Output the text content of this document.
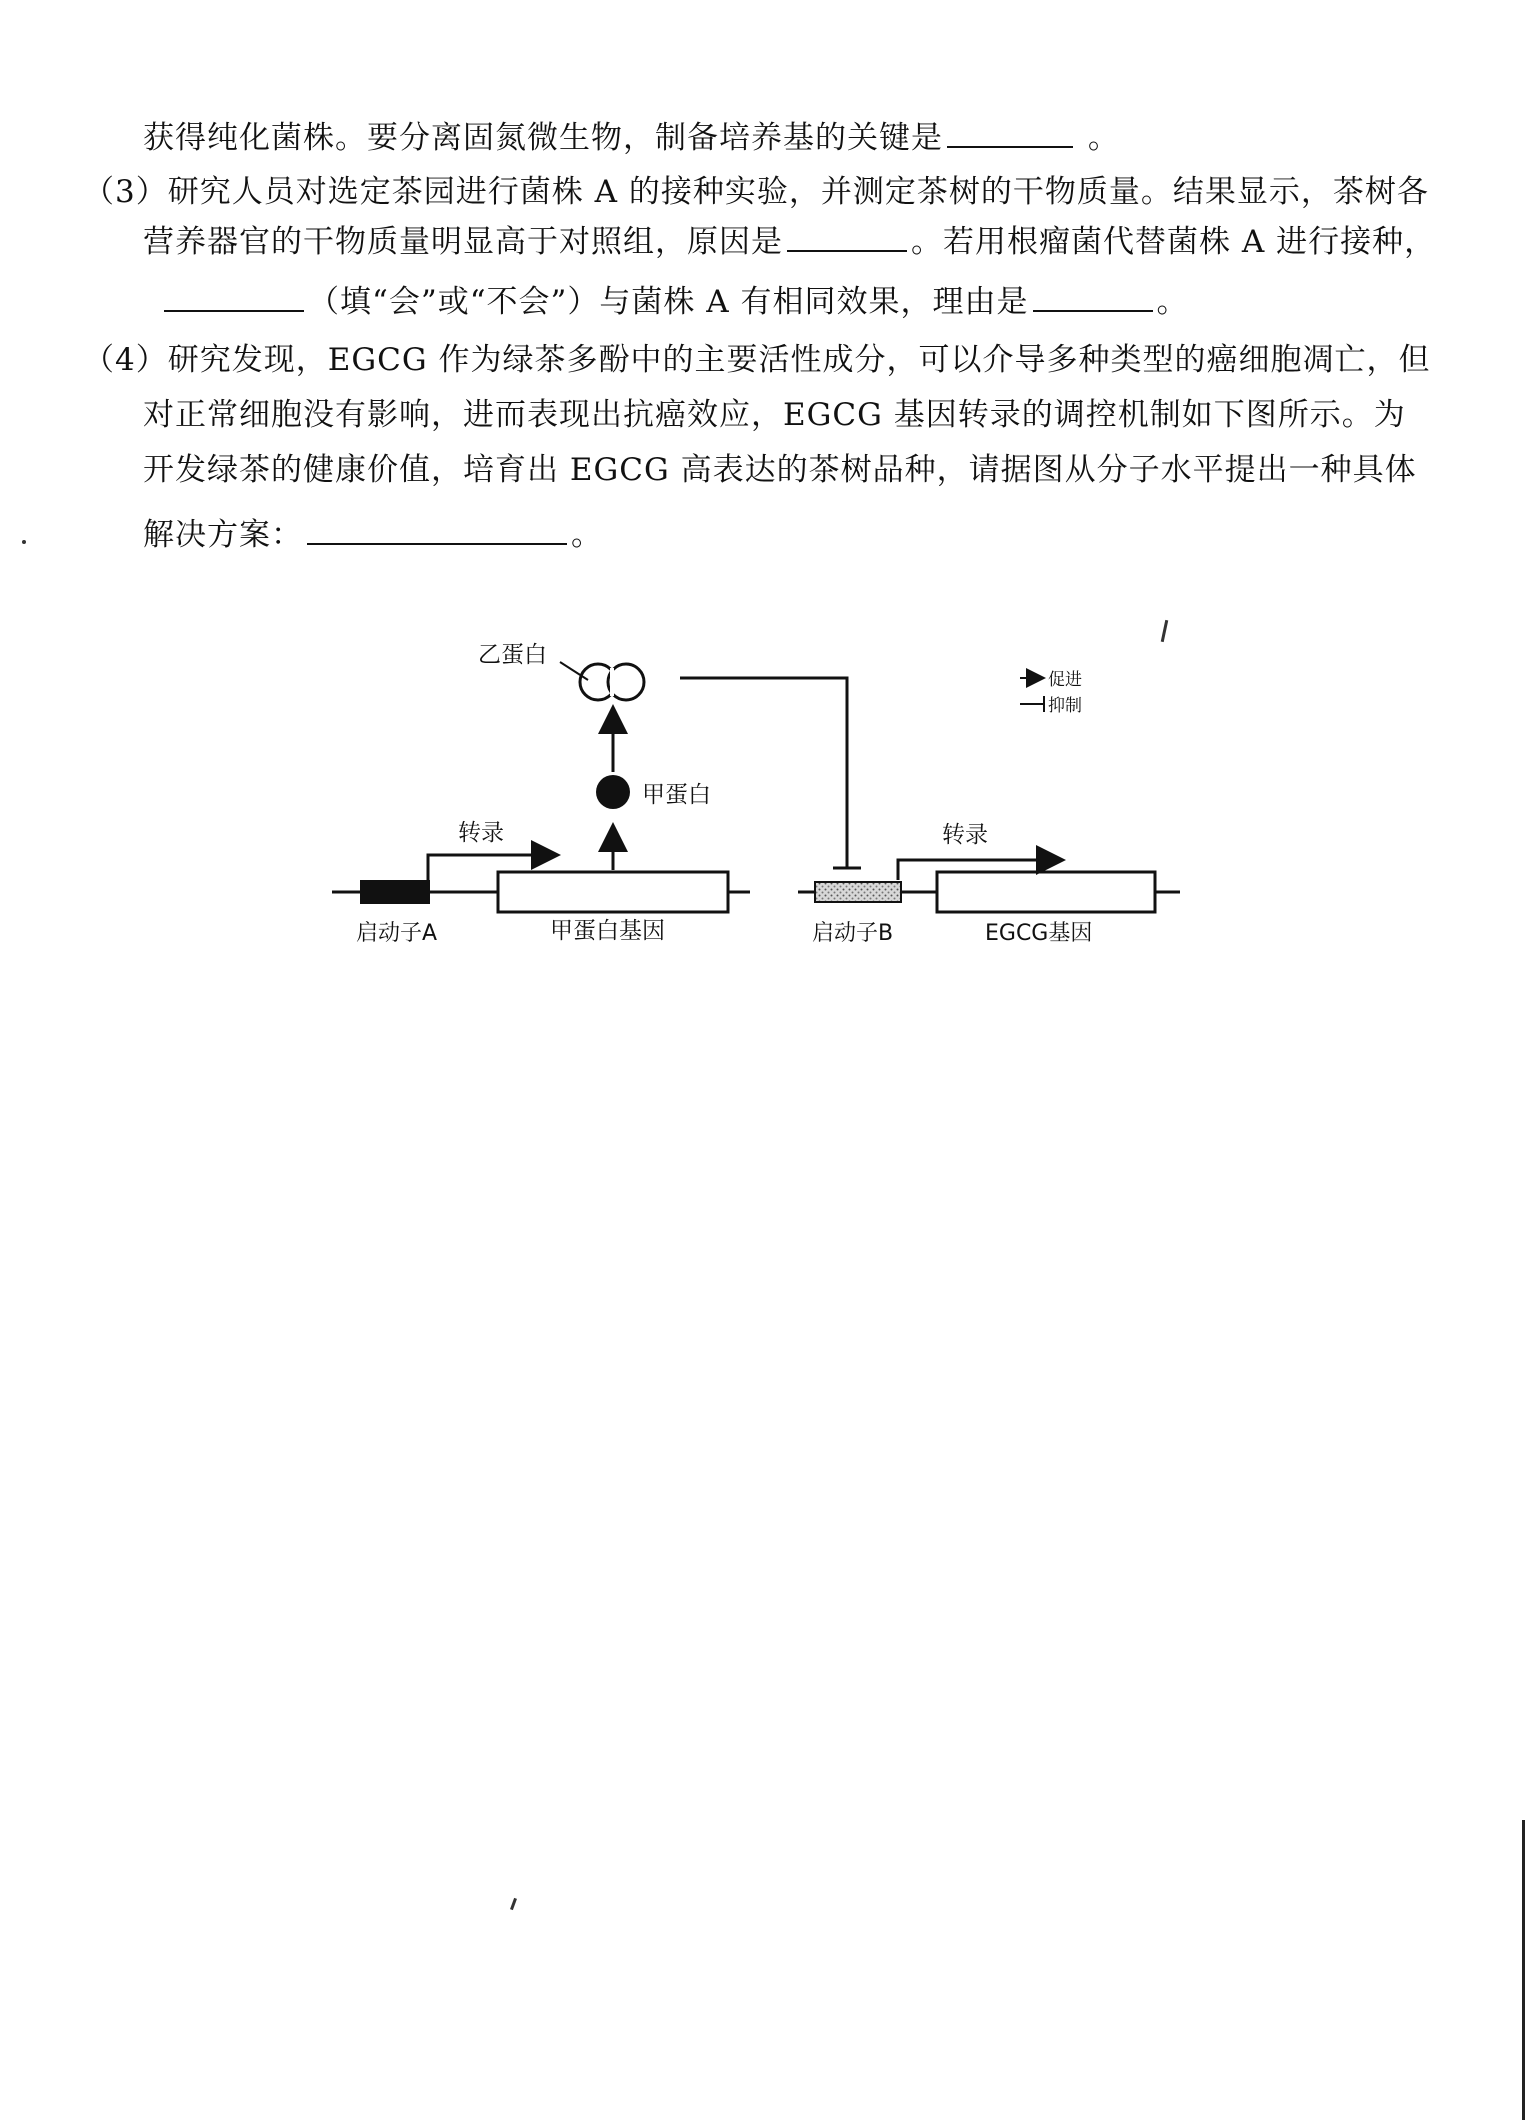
获得纯化菌株。要分离固氮微生物，制备培养基的关键是	。
（3）研究人员对选定茶园进行菌株 A 的接种实验，并测定茶树的干物质量。结果显示，茶树各
营养器官的干物质量明显高于对照组，原因是	。若用根瘤菌代替菌株 A 进行接种，
（填“会”或“不会”）与菌株 A 有相同效果，理由是	。
（4）研究发现，EGCG 作为绿茶多酚中的主要活性成分，可以介导多种类型的癌细胞凋亡，但
对正常细胞没有影响，进而表现出抗癌效应，EGCG 基因转录的调控机制如下图所示。为
开发绿茶的健康价值，培育出 EGCG 高表达的茶树品种，请据图从分子水平提出一种具体
解决方案：	。
启动子A	甲蛋白基因
转录
甲蛋白
乙蛋白
启动子B	EGCG基因
转录
促进
抑制
